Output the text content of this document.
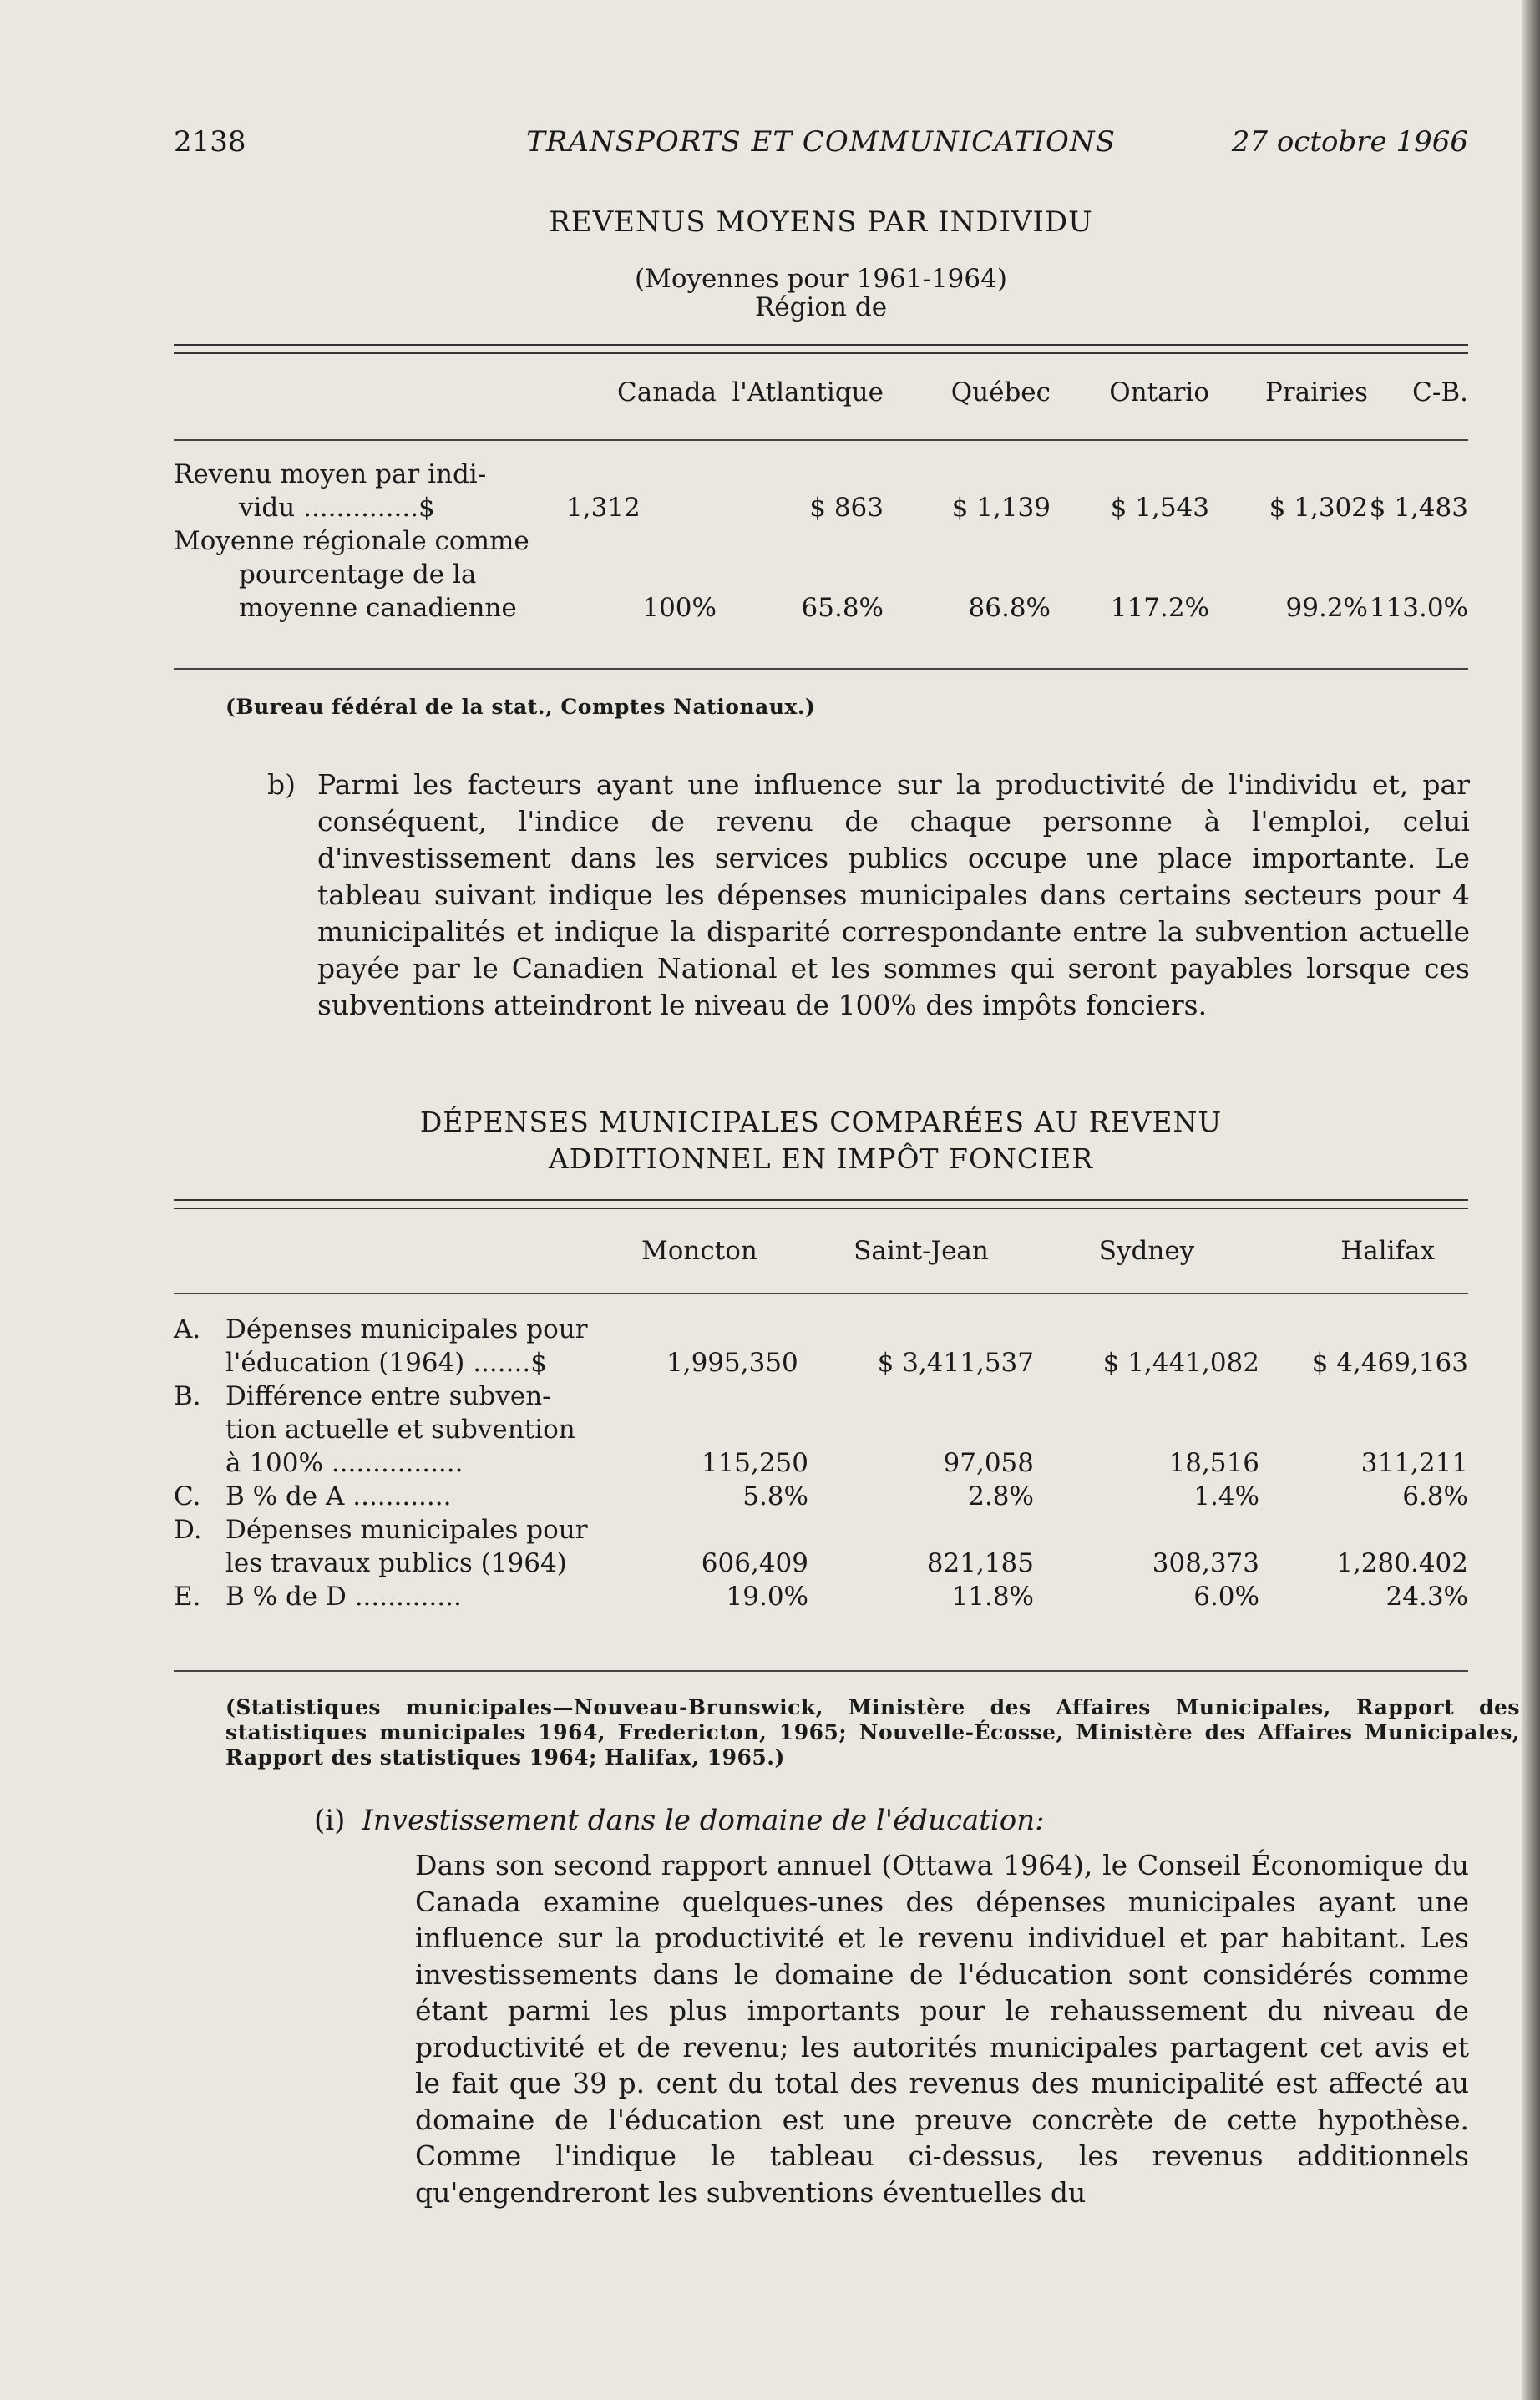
2138	TRANSPORTS ET COMMUNICATIONS	27 octobre 1966
REVENUS MOYENS PAR INDIVIDU
(Moyennes pour 1961-1964)
Région de
	Canada	l'Atlantique	Québec	Ontario	Prairies	C-B.
Revenu moyen par indi-
vidu ..............$		1,312	$ 863	$ 1,139	$ 1,543	$ 1,302	$ 1,483

Moyenne régionale comme
pourcentage de la
moyenne canadienne		100%	65.8%	86.8%	117.2%	99.2%	113.0%
(Bureau fédéral de la stat., Comptes Nationaux.)
b) Parmi les facteurs ayant une influence sur la productivité de l'individu et, par conséquent, l'indice de revenu de chaque personne à l'emploi, celui d'investissement dans les services publics occupe une place importante. Le tableau suivant indique les dépenses municipales dans certains secteurs pour 4 municipalités et indique la disparité correspondante entre la subvention actuelle payée par le Canadien National et les sommes qui seront payables lorsque ces subventions atteindront le niveau de 100% des impôts fonciers.
DÉPENSES MUNICIPALES COMPARÉES AU REVENU
ADDITIONNEL EN IMPÔT FONCIER
	Moncton	Saint-Jean	Sydney	Halifax
A.	Dépenses municipales pour
l'éducation (1964) .......$	1,995,350	$ 3,411,537	$ 1,441,082	$ 4,469,163
B.	Différence entre subven-
tion actuelle et subvention
à 100% ................	115,250	97,058	18,516	311,211
C.	B % de A ............	5.8%	2.8%	1.4%	6.8%
D.	Dépenses municipales pour
les travaux publics (1964)	606,409	821,185	308,373	1,280.402
E.	B % de D .............	19.0%	11.8%	6.0%	24.3%
(Statistiques municipales—Nouveau-Brunswick, Ministère des Affaires Municipales, Rapport des statistiques municipales 1964, Fredericton, 1965; Nouvelle-Écosse, Ministère des Affaires Municipales, Rapport des statistiques 1964; Halifax, 1965.)
(i) Investissement dans le domaine de l'éducation:
Dans son second rapport annuel (Ottawa 1964), le Conseil Économique du Canada examine quelques-unes des dépenses municipales ayant une influence sur la productivité et le revenu individuel et par habitant. Les investissements dans le domaine de l'éducation sont considérés comme étant parmi les plus importants pour le rehaussement du niveau de productivité et de revenu; les autorités municipales partagent cet avis et le fait que 39 p. cent du total des revenus des municipalité est affecté au domaine de l'éducation est une preuve concrète de cette hypothèse. Comme l'indique le tableau ci-dessus, les revenus additionnels qu'engendreront les subventions éventuelles du
